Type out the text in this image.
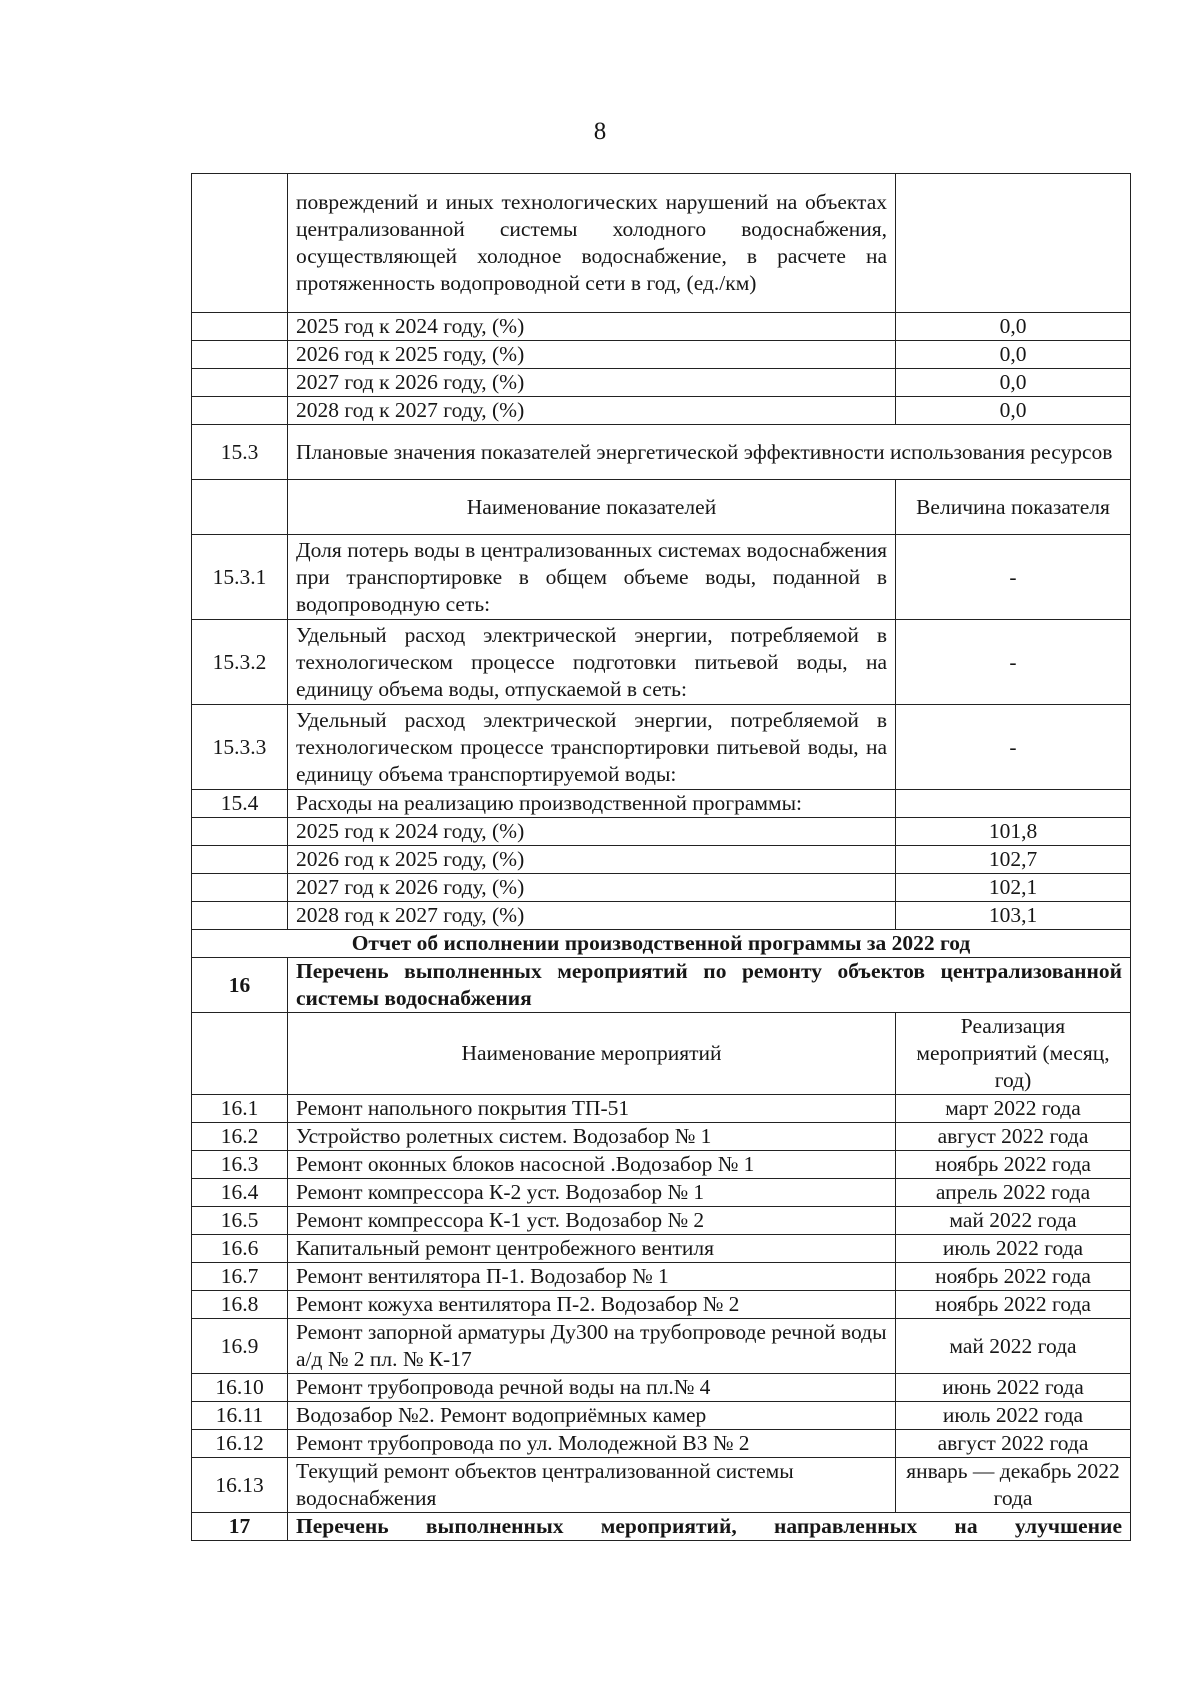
8
	повреждений и иных технологических нарушений на объектах централизованной системы холодного водоснабжения, осуществляющей холодное водоснабжение, в расчете на протяженность водопроводной сети в год, (ед./км)	
	2025 год к 2024 году, (%)	0,0
	2026 год к 2025 году, (%)	0,0
	2027 год к 2026 году, (%)	0,0
	2028 год к 2027 году, (%)	0,0
15.3	Плановые значения показателей энергетической эффективности использования ресурсов	
	Наименование показателей	Величина показателя
15.3.1	Доля потерь воды в централизованных системах водоснабжения при транспортировке в общем объеме воды, поданной в водопроводную сеть:	-
15.3.2	Удельный расход электрической энергии, потребляемой в технологическом процессе подготовки питьевой воды, на единицу объема воды, отпускаемой в сеть:	-
15.3.3	Удельный расход электрической энергии, потребляемой в технологическом процессе транспортировки питьевой воды, на единицу объема транспортируемой воды:	-
15.4	Расходы на реализацию производственной программы:	
	2025 год к 2024 году, (%)	101,8
	2026 год к 2025 году, (%)	102,7
	2027 год к 2026 году, (%)	102,1
	2028 год к 2027 году, (%)	103,1
Отчет об исполнении производственной программы за 2022 год		
16	Перечень выполненных мероприятий по ремонту объектов централизованной системы водоснабжения	
	Наименование мероприятий	Реализация мероприятий (месяц, год)
16.1	Ремонт напольного покрытия ТП-51	март 2022 года
16.2	Устройство ролетных систем. Водозабор № 1	август 2022 года
16.3	Ремонт оконных блоков насосной .Водозабор № 1	ноябрь 2022 года
16.4	Ремонт компрессора К-2 уст. Водозабор № 1	апрель 2022 года
16.5	Ремонт компрессора К-1 уст. Водозабор № 2	май 2022 года
16.6	Капитальный ремонт центробежного вентиля	июль 2022 года
16.7	Ремонт вентилятора П-1. Водозабор № 1	ноябрь 2022 года
16.8	Ремонт кожуха вентилятора П-2. Водозабор № 2	ноябрь 2022 года
16.9	Ремонт запорной арматуры Ду300 на трубопроводе речной воды а/д № 2 пл. № К-17	май 2022 года
16.10	Ремонт трубопровода речной воды на пл.№ 4	июнь 2022 года
16.11	Водозабор №2. Ремонт водоприёмных камер	июль 2022 года
16.12	Ремонт трубопровода по ул. Молодежной ВЗ № 2	август 2022 года
16.13	Текущий ремонт объектов централизованной системы водоснабжения	январь — декабрь 2022 года
17	Перечень выполненных мероприятий, направленных на улучшение	
